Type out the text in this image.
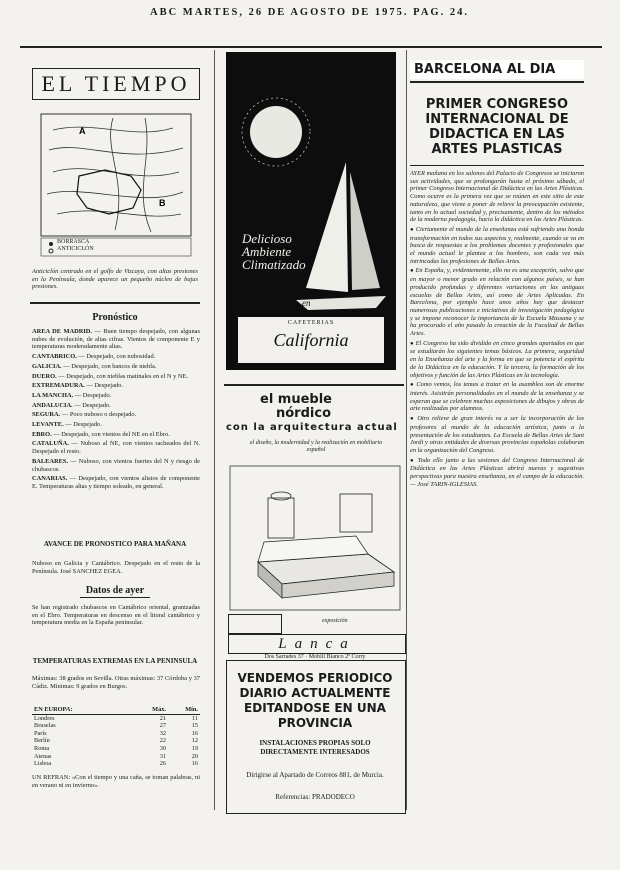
ABC MARTES, 26 DE AGOSTO DE 1975. PAG. 24.
EL TIEMPO
A
B
BORRASCA
ANTICICLÓN

Anticiclón centrado en el golfo de Vizcaya, con altas presiones en la Península, donde aparece un pequeño núcleo de bajas presiones.

Pronóstico

AREA DE MADRID. — Buen tiempo despejado, con algunas nubes de evolución, de altas cifras. Vientos de componente E y temperaturas moderadamente altas.

CANTABRICO. — Despejado, con nubosidad.

GALICIA. — Despejado, con bancos de niebla.

DUERO. — Despejado, con nieblas matinales en el N y NE.

EXTREMADURA. — Despejado.

LA MANCHA. — Despejado.

ANDALUCIA. — Despejado.

SEGURA. — Poco nuboso o despejado.

LEVANTE. — Despejado.

EBRO. — Despejado, con vientos del NE en el Ebro.

CATALUÑA. — Nuboso al NE, con vientos racheados del N. Despejado el resto.

BALEARES. — Nuboso, con vientos fuertes del N y riesgo de chubascos.

CANARIAS. — Despejado, con vientos alisios de componente E. Temperaturas altas y tiempo soleado, en general.

AVANCE DE PRONOSTICO PARA MAÑANA

Nuboso en Galicia y Cantábrico. Despejado en el resto de la Península. José SANCHEZ EGEA.

Datos de ayer

Se han registrado chubascos en Cantábrico oriental, granizadas en el Ebro. Temperaturas en descenso en el litoral cantábrico y temperatura media en la España peninsular.

TEMPERATURAS EXTREMAS EN LA PENINSULA

Máximas: 38 grados en Sevilla. Otras máximas: 37 Córdoba y 37 Cádiz. Mínimas: 9 grados en Burgos.

EN EUROPA:	Máx.	Mín.
Londres	21	11
Bruselas	27	15
París	32	16
Berlín	22	12
Roma	30	19
Atenas	31	20
Lisboa	26	16

UN REFRAN: «Con el tiempo y una caña, se toman palabras, ni en verano ni en invierno».

Delicioso
Ambiente
Climatizado
en
CAFETERIAS
California
el mueble
nórdico
con la arquitectura actual
el diseño, la modernidad y la realización en mobiliario español
exposición
Lanca
Dos Sarrades 37 · Mobili Blanco 2º Corry
VENDEMOS PERIODICO DIARIO ACTUALMENTE EDITANDOSE EN UNA PROVINCIA
INSTALACIONES PROPIAS SOLO DIRECTAMENTE INTERESADOS
Dirigirse al Apartado de Correos 881, de Murcia.
Referencias: PRADODECO
BARCELONA AL DIA
PRIMER CONGRESO INTERNACIONAL DE DIDACTICA EN LAS ARTES PLASTICAS

AYER mañana en los salones del Palacio de Congresos se iniciaron sus actividades, que se prolongarán hasta el próximo sábado, el primer Congreso Internacional de Didáctica en las Artes Plásticas. Como ocurre es la primera vez que se reúnen en este sitio de este naturaleza, que viene a poner de relieve la preocupación existente, tanto en lo actual sociedad y, precisamente, dentro de los métodos de la moderna pedagogía, hacia la didáctica en las Artes Plásticas.

● Ciertamente el mundo de la enseñanza está sufriendo una honda transformación en todos sus aspectos y, realmente, cuando se va en busca de respuestas a los problemas docentes y profesionales que el mundo actual le plantea a los hombres, son cada vez más intrincadas las profesiones de Bellas Artes.

● En España, y, evidentemente, ello no es una excepción, salvo que en mayor o menor grado en relación con algunos países, se han producido profundas y diferentes variaciones en las antiguas escuelas de Bellas Artes, así como de Artes Aplicadas. En Barcelona, por ejemplo hace unos años hay que destacar numerosas publicaciones e iniciativas de investigación pedagógica y se impone reconocer la importancia de la Escuela Massana y se ha procurado el año pasado la creación de la Facultad de Bellas Artes.

● El Congreso ha sido dividido en cinco grandes apartados en que se estudiarán los siguientes temas básicos. La primera, seguridad en la Enseñanza del arte y la forma en que se potencia el espíritu de la Didáctica en la educación. Y la tercera, la formación de los objetivos y función de las Artes Plásticas en la tecnología.

● Como vemos, los temas a tratar en la asamblea son de enorme interés. Asistirán personalidades en el mundo de la enseñanza y se esperan que se celebren muchas exposiciones de dibujos y obras de arte realizadas por alumnos.

● Otro relieve de gran interés va a ser la incorporación de los profesores al mundo de la educación artística, junto a la presentación de los estudiantes. La Escuela de Bellas Artes de Sant Jordi y otras entidades de diversas provincias españolas colaboran en la organización del Congreso.

● Todo ello junto a las sesiones del Congreso Internacional de Didáctica en las Artes Plásticas abrirá nuevas y sugestivas perspectivas para nuestra enseñanza, en el campo de la educación. — José TARIN-IGLESIAS.
